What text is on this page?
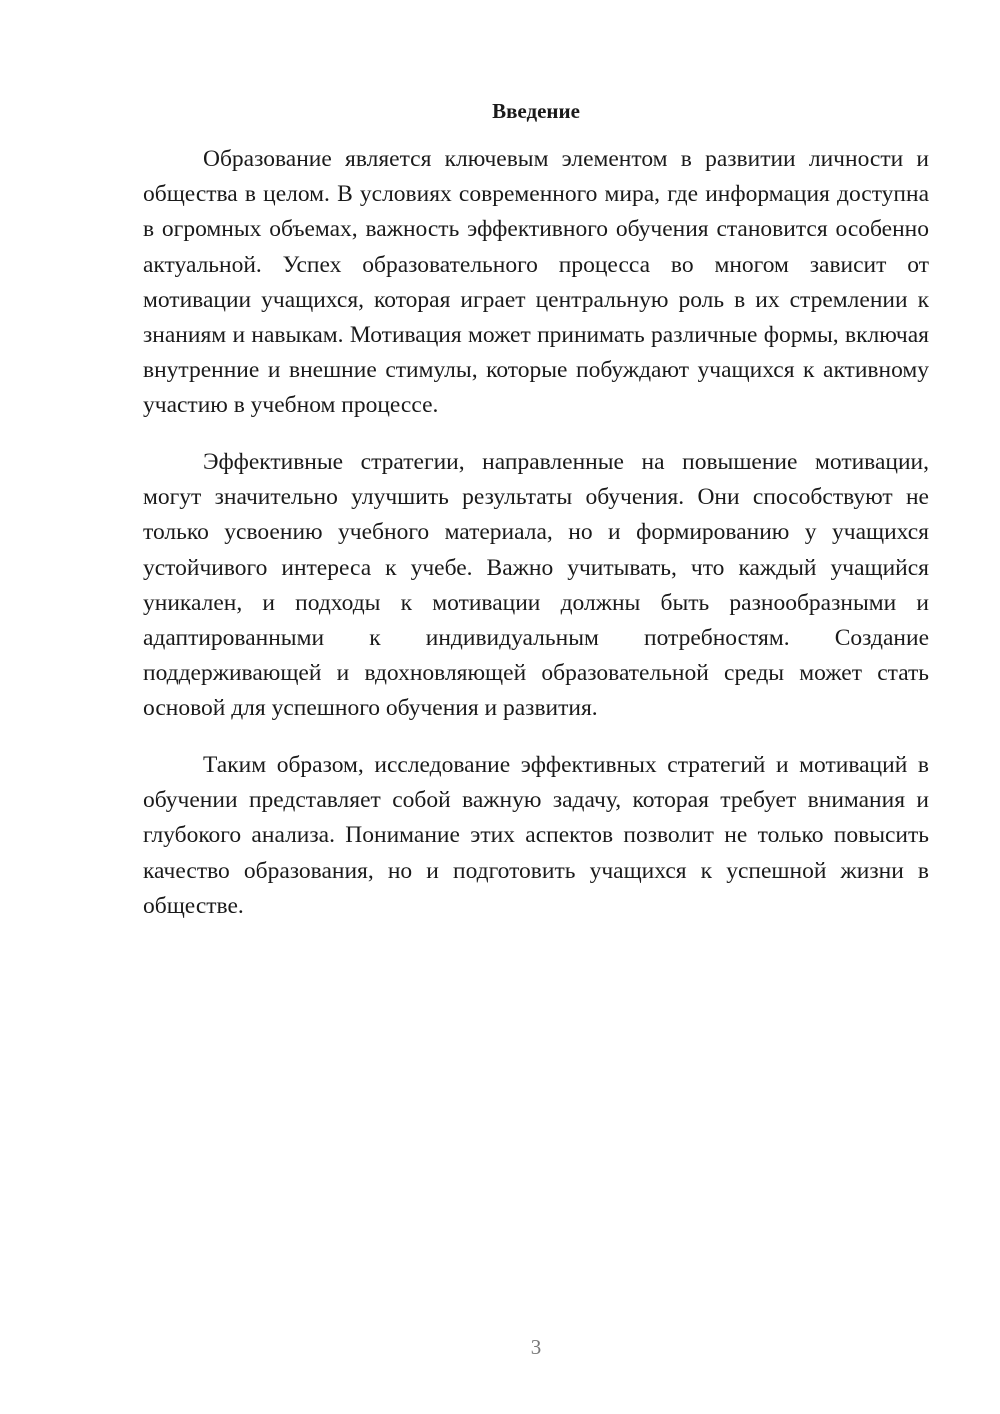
Введение

Образование является ключевым элементом в развитии личности и общества в целом. В условиях современного мира, где информация доступна в огромных объемах, важность эффективного обучения становится особенно актуальной. Успех образовательного процесса во многом зависит от мотивации учащихся, которая играет центральную роль в их стремлении к знаниям и навыкам. Мотивация может принимать различные формы, включая внутренние и внешние стимулы, которые побуждают учащихся к активному участию в учебном процессе.

Эффективные стратегии, направленные на повышение мотивации, могут значительно улучшить результаты обучения. Они способствуют не только усвоению учебного материала, но и формированию у учащихся устойчивого интереса к учебе. Важно учитывать, что каждый учащийся уникален, и подходы к мотивации должны быть разнообразными и адаптированными к индивидуальным потребностям. Создание поддерживающей и вдохновляющей образовательной среды может стать основой для успешного обучения и развития.

Таким образом, исследование эффективных стратегий и мотиваций в обучении представляет собой важную задачу, которая требует внимания и глубокого анализа. Понимание этих аспектов позволит не только повысить качество образования, но и подготовить учащихся к успешной жизни в обществе.

3
